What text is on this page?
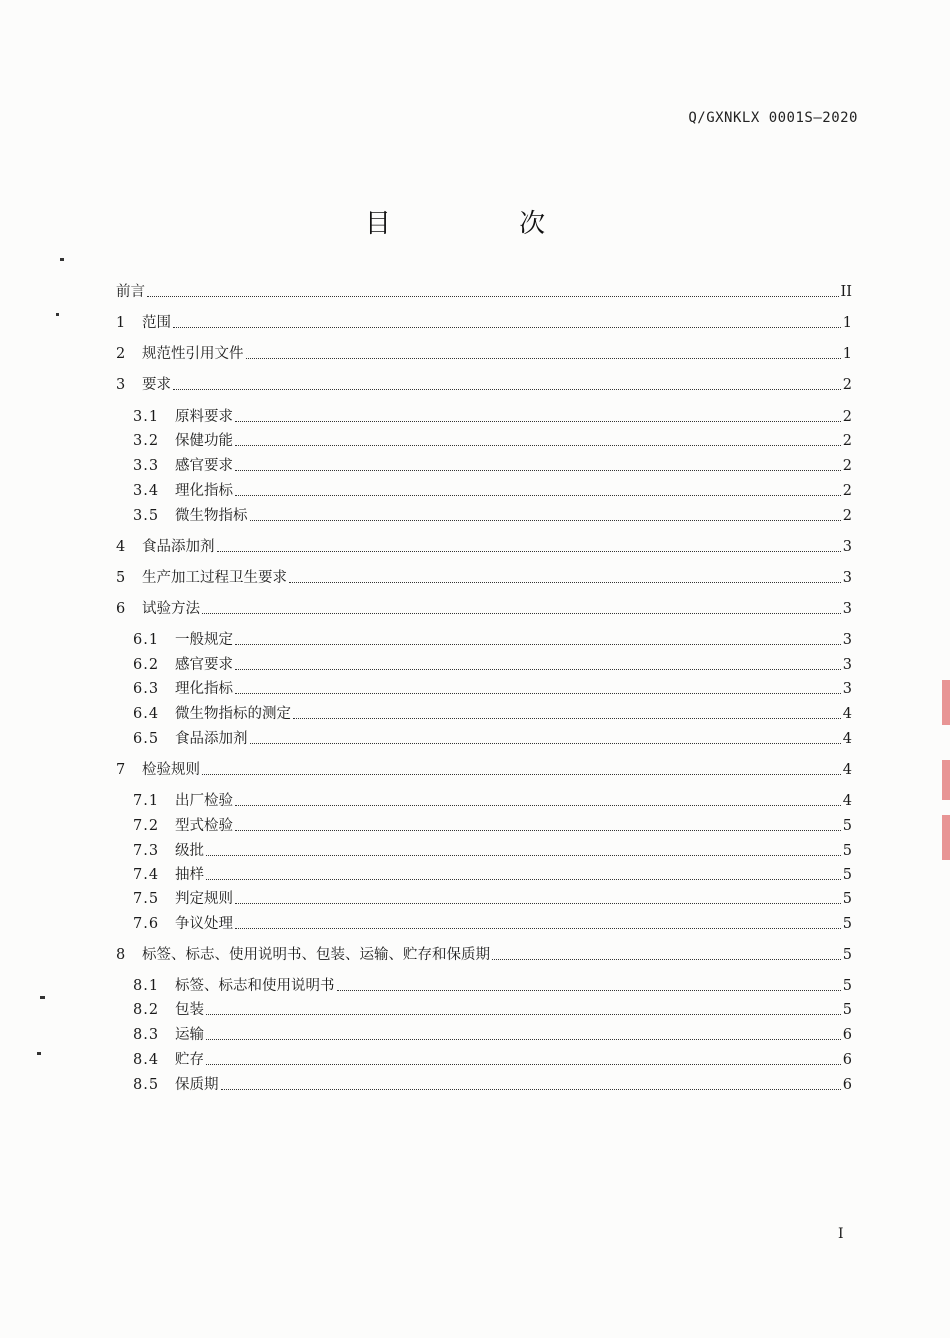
Q/GXNKLX 0001S—2020
目 次
前言	II
1	范围	1
2	规范性引用文件	1
3	要求	2
3.1	原料要求	2
3.2	保健功能	2
3.3	感官要求	2
3.4	理化指标	2
3.5	微生物指标	2
4	食品添加剂	3
5	生产加工过程卫生要求	3
6	试验方法	3
6.1	一般规定	3
6.2	感官要求	3
6.3	理化指标	3
6.4	微生物指标的测定	4
6.5	食品添加剂	4
7	检验规则	4
7.1	出厂检验	4
7.2	型式检验	5
7.3	级批	5
7.4	抽样	5
7.5	判定规则	5
7.6	争议处理	5
8	标签、标志、使用说明书、包装、运输、贮存和保质期	5
8.1	标签、标志和使用说明书	5
8.2	包装	5
8.3	运输	6
8.4	贮存	6
8.5	保质期	6
I
